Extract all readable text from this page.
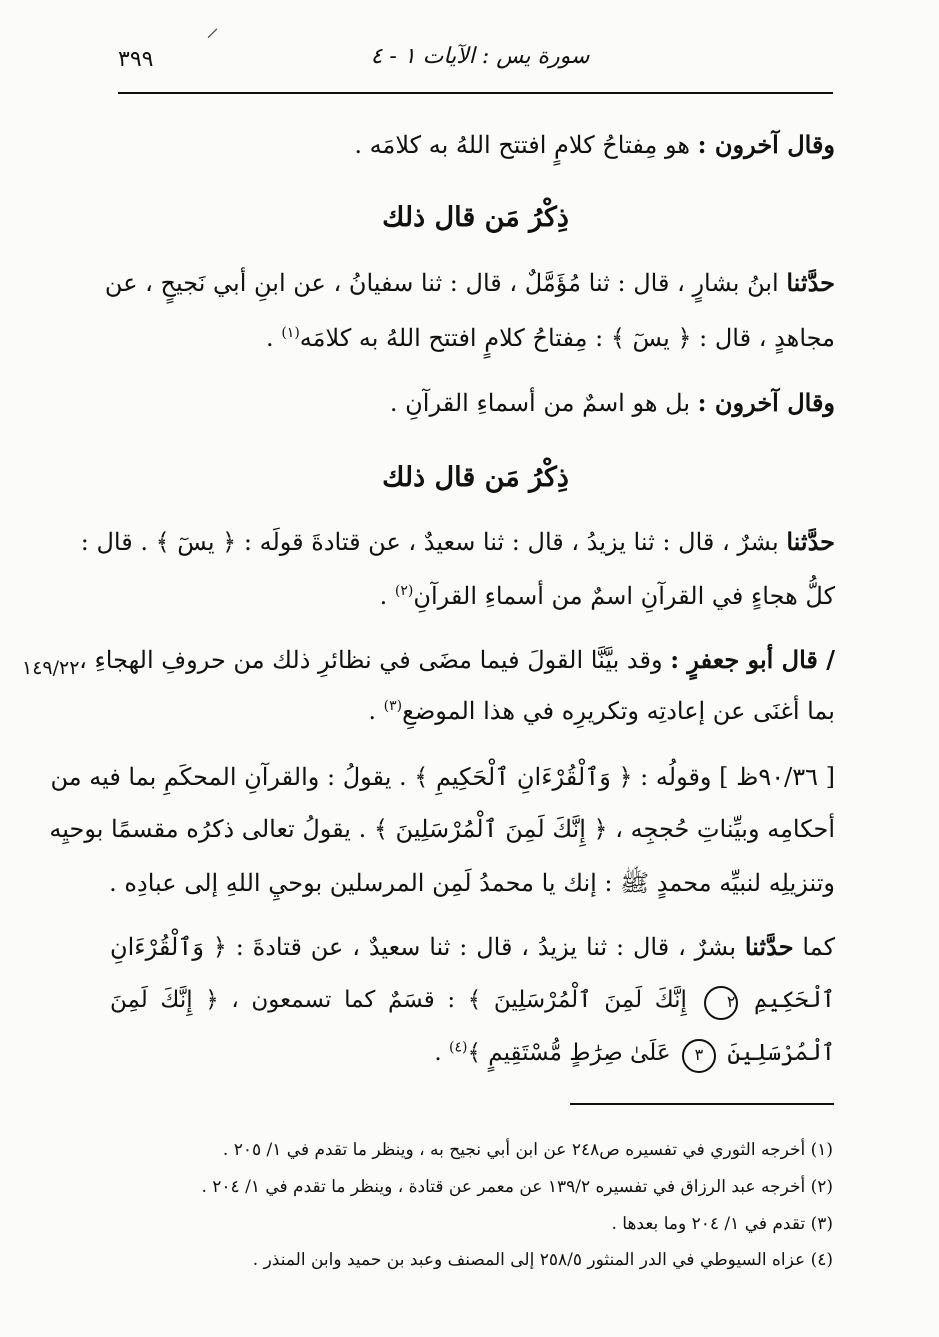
⸝
٣٩٩	سورة يس : الآيات ١ - ٤
وقال آخرون : هو مِفتاحُ كلامٍ افتتح اللهُ به كلامَه .
ذِكْرُ مَن قال ذلك
حدَّثنا ابنُ بشارٍ ، قال : ثنا مُؤَمَّلٌ ، قال : ثنا سفيانُ ، عن ابنِ أبي نَجيحٍ ، عن
مجاهدٍ ، قال : ﴿ يسٓ ﴾ : مِفتاحُ كلامٍ افتتح اللهُ به كلامَه$^{(١)}$ .
وقال آخرون : بل هو اسمٌ من أسماءِ القرآنِ .
ذِكْرُ مَن قال ذلك
حدَّثنا بشرٌ ، قال : ثنا يزيدُ ، قال : ثنا سعيدٌ ، عن قتادةَ قولَه : ﴿ يسٓ ﴾ . قال :
كلُّ هجاءٍ في القرآنِ اسمٌ من أسماءِ القرآنِ$^{(٢)}$ .
١٤٩/٢٢	/ قال أبو جعفرٍ : وقد بيَّنَّا القولَ فيما مضَى في نظائرِ ذلك من حروفِ الهجاءِ ،
بما أغنَى عن إعادتِه وتكريرِه في هذا الموضعِ$^{(٣)}$ .
[ ٩٠/٣٦ظ ] وقولُه : ﴿ وَٱلْقُرْءَانِ ٱلْحَكِيمِ ﴾ . يقولُ : والقرآنِ المحكَمِ بما فيه من
أحكامِه وبيِّناتِ حُججِه ، ﴿ إِنَّكَ لَمِنَ ٱلْمُرْسَلِينَ ﴾ . يقولُ تعالى ذكرُه مقسمًا بوحيِه
وتنزيلِه لنبيِّه محمدٍ ﷺ : إنك يا محمدُ لَمِن المرسلين بوحيِ اللهِ إلى عبادِه .
كما حدَّثنا بشرٌ ، قال : ثنا يزيدُ ، قال : ثنا سعيدٌ ، عن قتادةَ : ﴿ وَٱلْقُرْءَانِ
ٱلْحَكِيمِ ٢ إِنَّكَ لَمِنَ ٱلْمُرْسَلِينَ ﴾ : قسَمٌ كما تسمعون ، ﴿ إِنَّكَ لَمِنَ
ٱلْمُرْسَلِينَ ٣ عَلَىٰ صِرَٰطٍ مُّسْتَقِيمٍ ﴾$^{(٤)}$ .
(١) أخرجه الثوري في تفسيره ص٢٤٨ عن ابن أبي نجيح به ، وينظر ما تقدم في ١/ ٢٠٥ .
(٢) أخرجه عبد الرزاق في تفسيره ١٣٩/٢ عن معمر عن قتادة ، وينظر ما تقدم في ١/ ٢٠٤ .
(٣) تقدم في ١/ ٢٠٤ وما بعدها .
(٤) عزاه السيوطي في الدر المنثور ٢٥٨/٥ إلى المصنف وعبد بن حميد وابن المنذر .
